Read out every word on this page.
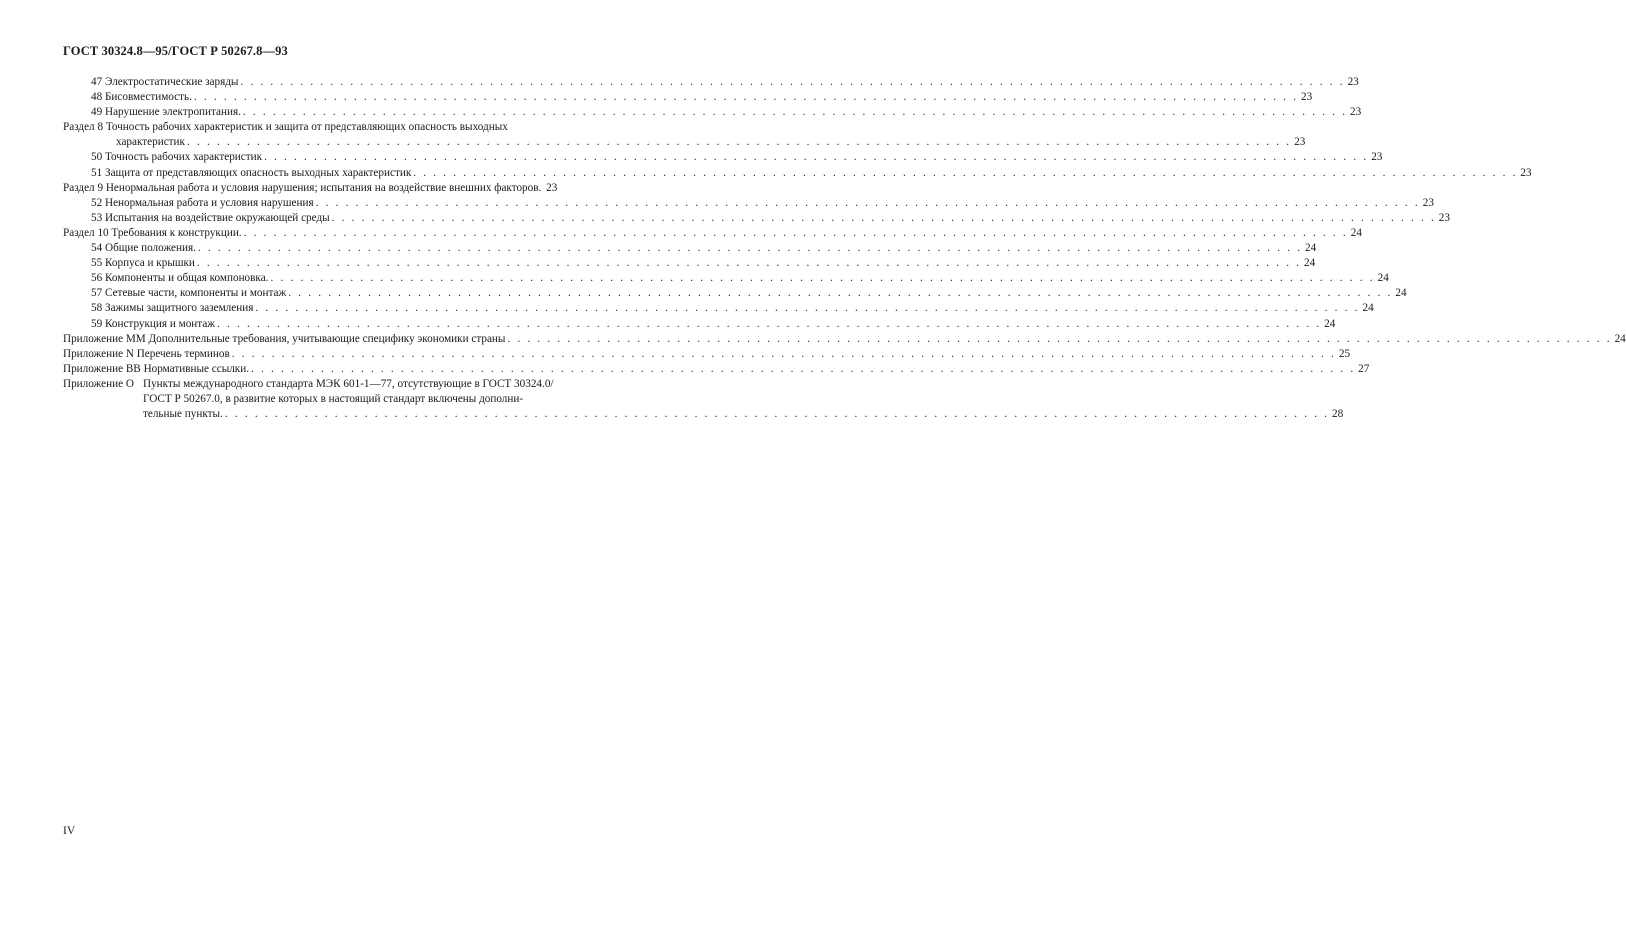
ГОСТ 30324.8—95/ГОСТ Р 50267.8—93
47 Электростатические заряды . . .	23
48 Бисовместимость. . . .	23
49 Нарушение электропитания. . . .	23
Раздел 8 Точность рабочих характеристик и защита от представляющих опасность выходных
характеристик . . .	23
50 Точность рабочих характеристик . . .	23
51 Защита от представляющих опасность выходных характеристик . . .	23
Раздел 9 Ненормальная работа и условия нарушения; испытания на воздействие внешних факторов. 23
52 Ненормальная работа и условия нарушения . . .	23
53 Испытания на воздействие окружающей среды . . .	23
Раздел 10 Требования к конструкции. . . .	24
54 Общие положения. . . .	24
55 Корпуса и крышки . . .	24
56 Компоненты и общая компоновка. . . .	24
57 Сетевые части, компоненты и монтаж . . .	24
58 Зажимы защитного заземления . . .	24
59 Конструкция и монтаж . . .	24
Приложение ММ Дополнительные требования, учитывающие специфику экономики страны . . .	24
Приложение N Перечень терминов . . .	25
Приложение ВВ Нормативные ссылки. . . .	27
Приложение О Пункты международного стандарта МЭК 601-1—77, отсутствующие в ГОСТ 30324.0/
ГОСТ Р 50267.0, в развитие которых в настоящий стандарт включены дополни-
тельные пункты. . . .	28
IV
